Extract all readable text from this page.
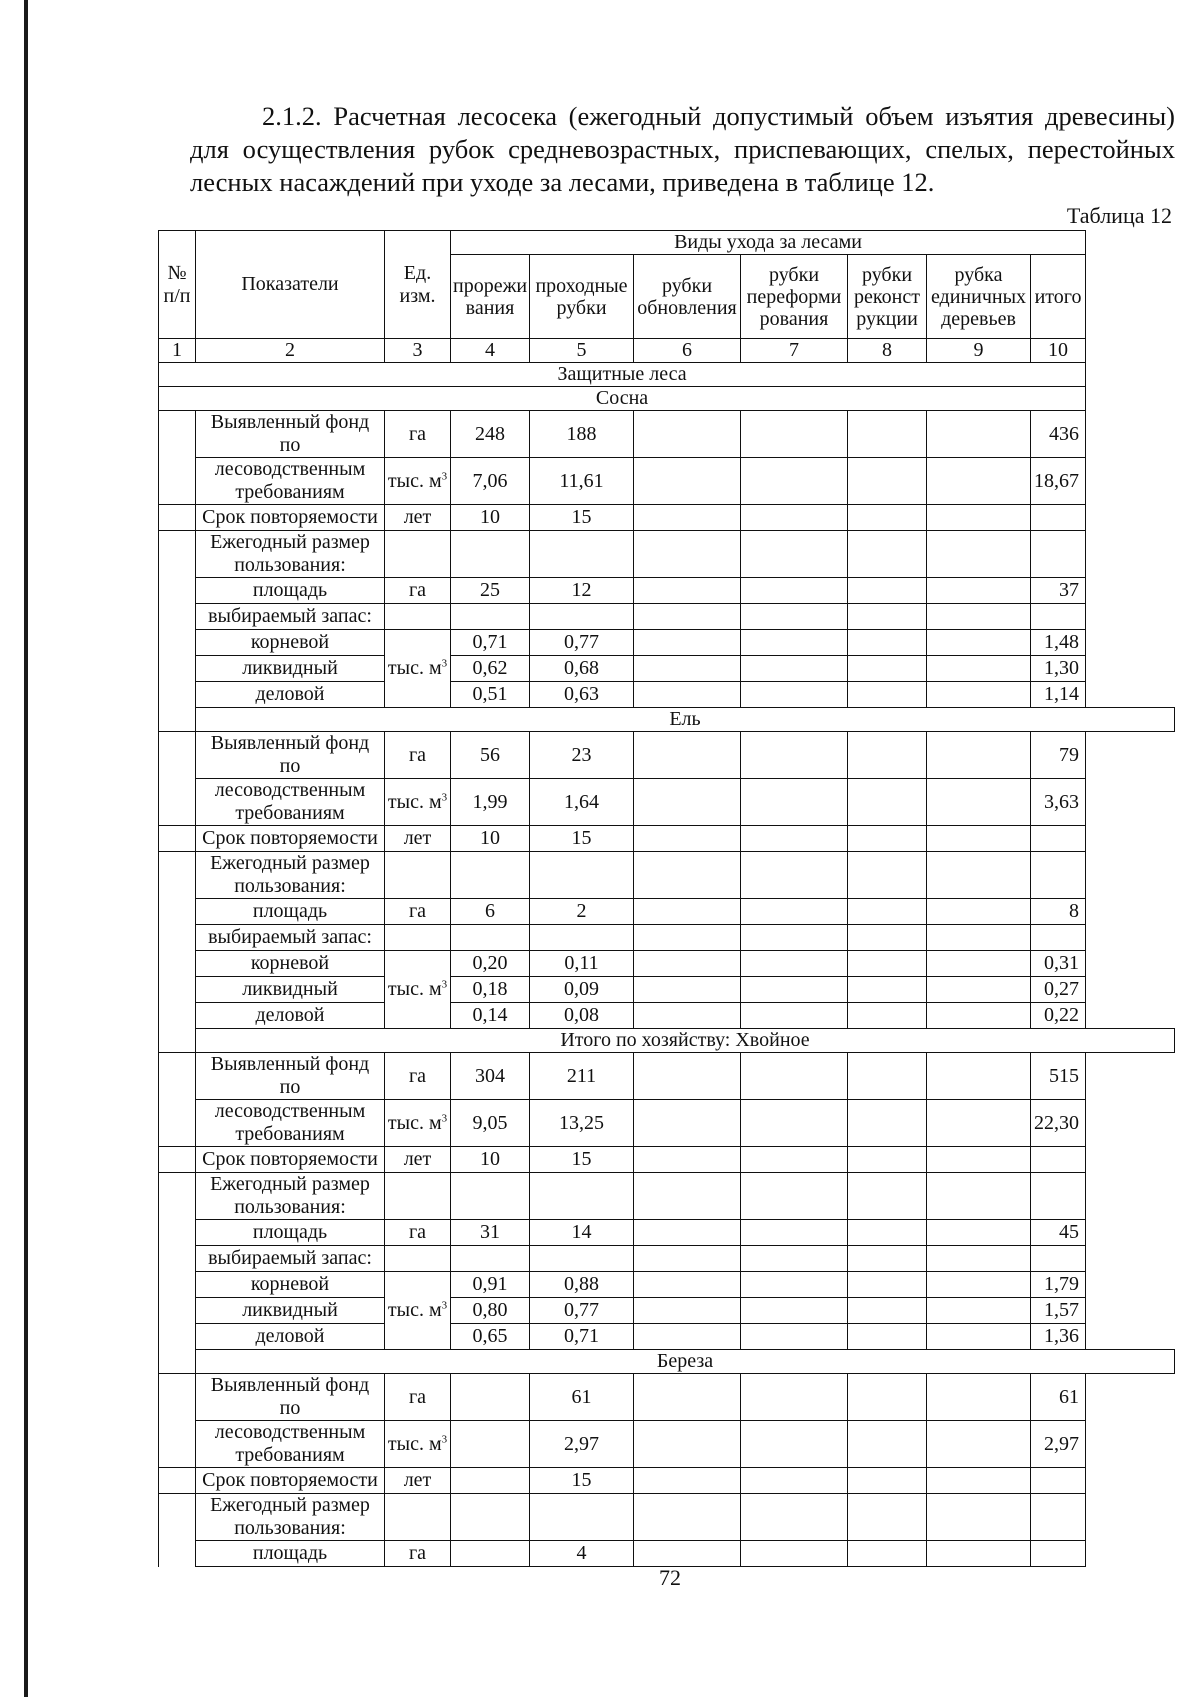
2.1.2. Расчетная лесосека (ежегодный допустимый объем изъятия древесины) для осуществления рубок средневозрастных, приспевающих, спелых, перестойных лесных насаждений при уходе за лесами, приведена в таблице 12.

Таблица 12
№ п/п	Показатели	Ед. изм.	Виды ухода за лесами						
			прорежи вания	проходные рубки	рубки обновления	рубки переформи рования	рубки реконст рукции	рубка единичных деревьев	итого
1	2	3	4	5	6	7	8	9	10
Защитные леса									
Сосна									
	Выявленный фонд по	га	248	188					436
	лесоводственным требованиям	тыс. $м^3$	7,06	11,61					18,67
	Срок повторяемости	лет	10	15					
	Ежегодный размер пользования:								
	площадь	га	25	12					37
	выбираемый запас:								
	корневой	тыс. $м^3$	0,71	0,77					1,48
	ликвидный		0,62	0,68					1,30
	деловой		0,51	0,63					1,14
	Ель								
	Выявленный фонд по	га	56	23					79
	лесоводственным требованиям	тыс. $м^3$	1,99	1,64					3,63
	Срок повторяемости	лет	10	15					
	Ежегодный размер пользования:								
	площадь	га	6	2					8
	выбираемый запас:								
	корневой	тыс. $м^3$	0,20	0,11					0,31
	ликвидный		0,18	0,09					0,27
	деловой		0,14	0,08					0,22
	Итого по хозяйству: Хвойное								
	Выявленный фонд по	га	304	211					515
	лесоводственным требованиям	тыс. $м^3$	9,05	13,25					22,30
	Срок повторяемости	лет	10	15					
	Ежегодный размер пользования:								
	площадь	га	31	14					45
	выбираемый запас:								
	корневой	тыс. $м^3$	0,91	0,88					1,79
	ликвидный		0,80	0,77					1,57
	деловой		0,65	0,71					1,36
	Береза								
	Выявленный фонд по	га		61					61
	лесоводственным требованиям	тыс. $м^3$		2,97					2,97
	Срок повторяемости	лет		15					
	Ежегодный размер пользования:								
	площадь	га		4					
72
